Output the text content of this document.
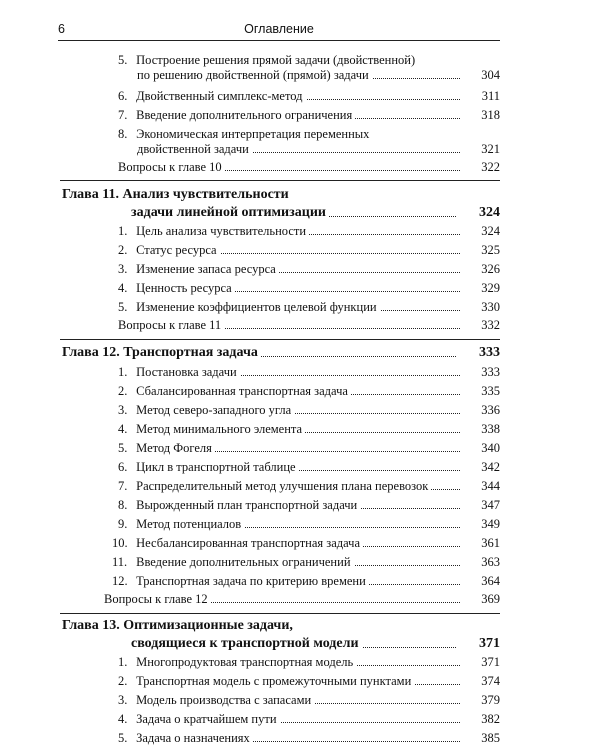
6	Оглавление
5. Построение решения прямой задачи (двойственной)
по решению двойственной (прямой) задачи	304
6. Двойственный симплекс-метод	311
7. Введение дополнительного ограничения	318
8. Экономическая интерпретация переменных
двойственной задачи	321
Вопросы к главе 10	322
Глава 11. Анализ чувствительности
задачи линейной оптимизации	324
1. Цель анализа чувствительности	324
2. Статус ресурса	325
3. Изменение запаса ресурса	326
4. Ценность ресурса	329
5. Изменение коэффициентов целевой функции	330
Вопросы к главе 11	332
Глава 12. Транспортная задача	333
1. Постановка задачи	333
2. Сбалансированная транспортная задача	335
3. Метод северо-западного угла	336
4. Метод минимального элемента	338
5. Метод Фогеля	340
6. Цикл в транспортной таблице	342
7. Распределительный метод улучшения плана перевозок	344
8. Вырожденный план транспортной задачи	347
9. Метод потенциалов	349
10. Несбалансированная транспортная задача	361
11. Введение дополнительных ограничений	363
12. Транспортная задача по критерию времени	364
Вопросы к главе 12	369
Глава 13. Оптимизационные задачи,
сводящиеся к транспортной модели	371
1. Многопродуктовая транспортная модель	371
2. Транспортная модель с промежуточными пунктами	374
3. Модель производства с запасами	379
4. Задача о кратчайшем пути	382
5. Задача о назначениях	385
